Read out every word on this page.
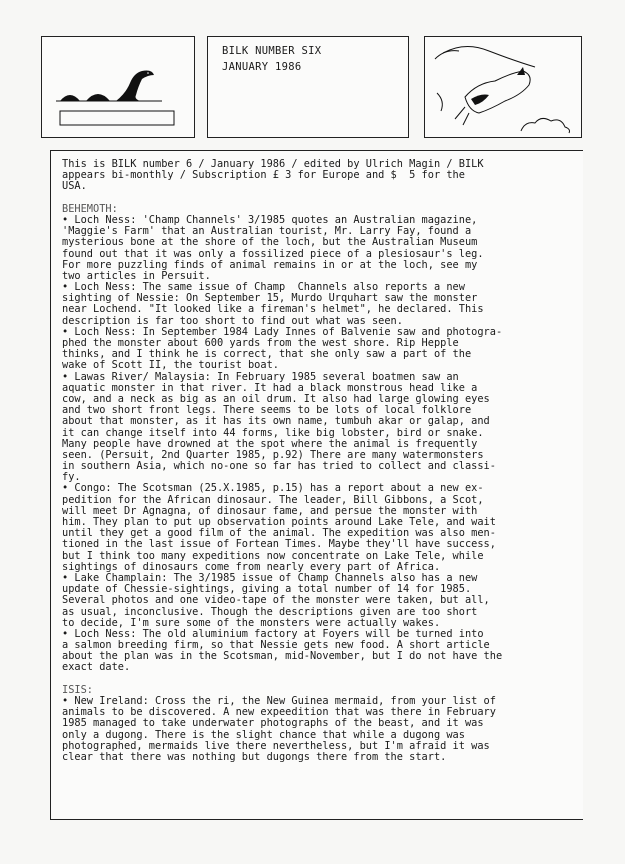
BILK NUMBER SIX
JANUARY 1986
This is BILK number 6 / January 1986 / edited by Ulrich Magin / BILK
appears bi-monthly / Subscription £ 3 for Europe and $  5 for the
USA.
BEHEMOTH:
• Loch Ness: 'Champ Channels' 3/1985 quotes an Australian magazine,
'Maggie's Farm' that an Australian tourist, Mr. Larry Fay, found a
mysterious bone at the shore of the loch, but the Australian Museum
found out that it was only a fossilized piece of a plesiosaur's leg.
For more puzzling finds of animal remains in or at the loch, see my
two articles in Persuit.
• Loch Ness: The same issue of Champ  Channels also reports a new
sighting of Nessie: On September 15, Murdo Urquhart saw the monster
near Lochend. "It looked like a fireman's helmet", he declared. This
description is far too short to find out what was seen.
• Loch Ness: In September 1984 Lady Innes of Balvenie saw and photogra-
phed the monster about 600 yards from the west shore. Rip Hepple
thinks, and I think he is correct, that she only saw a part of the
wake of Scott II, the tourist boat.
• Lawas River/ Malaysia: In February 1985 several boatmen saw an
aquatic monster in that river. It had a black monstrous head like a
cow, and a neck as big as an oil drum. It also had large glowing eyes
and two short front legs. There seems to be lots of local folklore
about that monster, as it has its own name, tumbuh akar or galap, and
it can change itself into 44 forms, like big lobster, bird or snake.
Many people have drowned at the spot where the animal is frequently
seen. (Persuit, 2nd Quarter 1985, p.92) There are many watermonsters
in southern Asia, which no-one so far has tried to collect and classi-
fy.
• Congo: The Scotsman (25.X.1985, p.15) has a report about a new ex-
pedition for the African dinosaur. The leader, Bill Gibbons, a Scot,
will meet Dr Agnagna, of dinosaur fame, and persue the monster with
him. They plan to put up observation points around Lake Tele, and wait
until they get a good film of the animal. The expedition was also men-
tioned in the last issue of Fortean Times. Maybe they'll have success,
but I think too many expeditions now concentrate on Lake Tele, while
sightings of dinosaurs come from nearly every part of Africa.
• Lake Champlain: The 3/1985 issue of Champ Channels also has a new
update of Chessie-sightings, giving a total number of 14 for 1985.
Several photos and one video-tape of the monster were taken, but all,
as usual, inconclusive. Though the descriptions given are too short
to decide, I'm sure some of the monsters were actually wakes.
• Loch Ness: The old aluminium factory at Foyers will be turned into
a salmon breeding firm, so that Nessie gets new food. A short article
about the plan was in the Scotsman, mid-November, but I do not have the
exact date.
ISIS:
• New Ireland: Cross the ri, the New Guinea mermaid, from your list of
animals to be discovered. A new expeedition that was there in February
1985 managed to take underwater photographs of the beast, and it was
only a dugong. There is the slight chance that while a dugong was
photographed, mermaids live there nevertheless, but I'm afraid it was
clear that there was nothing but dugongs there from the start.
